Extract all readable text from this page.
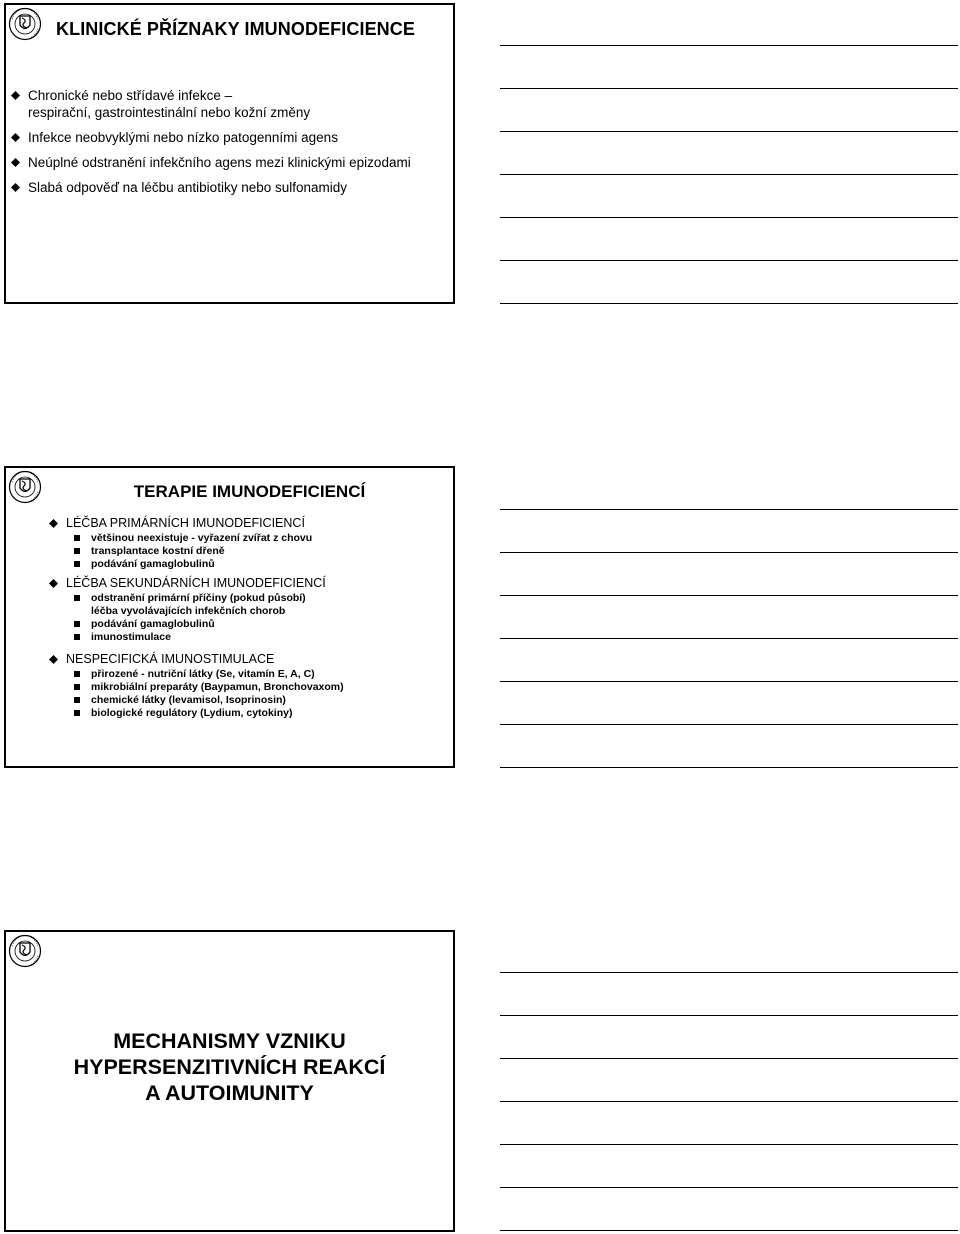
KLINICKÉ PŘÍZNAKY IMUNODEFICIENCE
Chronické nebo střídavé infekce –
respirační, gastrointestinální nebo kožní změny
Infekce neobvyklými nebo nízko patogenními agens
Neúplné odstranění infekčního agens mezi klinickými epizodami
Slabá odpověď na léčbu antibiotiky nebo sulfonamidy
TERAPIE IMUNODEFICIENCÍ
LÉČBA PRIMÁRNÍCH IMUNODEFICIENCÍ
většinou neexistuje - vyřazení zvířat z chovu
transplantace kostní dřeně
podávání gamaglobulinů
LÉČBA SEKUNDÁRNÍCH IMUNODEFICIENCÍ
odstranění primární příčiny (pokud působí)
léčba vyvolávajících infekčních chorob
podávání gamaglobulinů
imunostimulace
NESPECIFICKÁ IMUNOSTIMULACE
přirozené - nutriční látky (Se, vitamín E, A, C)
mikrobiální preparáty (Baypamun, Bronchovaxom)
chemické látky (levamisol, Isoprinosin)
biologické regulátory (Lydium, cytokiny)
MECHANISMY VZNIKU
HYPERSENZITIVNÍCH REAKCÍ
A AUTOIMUNITY
